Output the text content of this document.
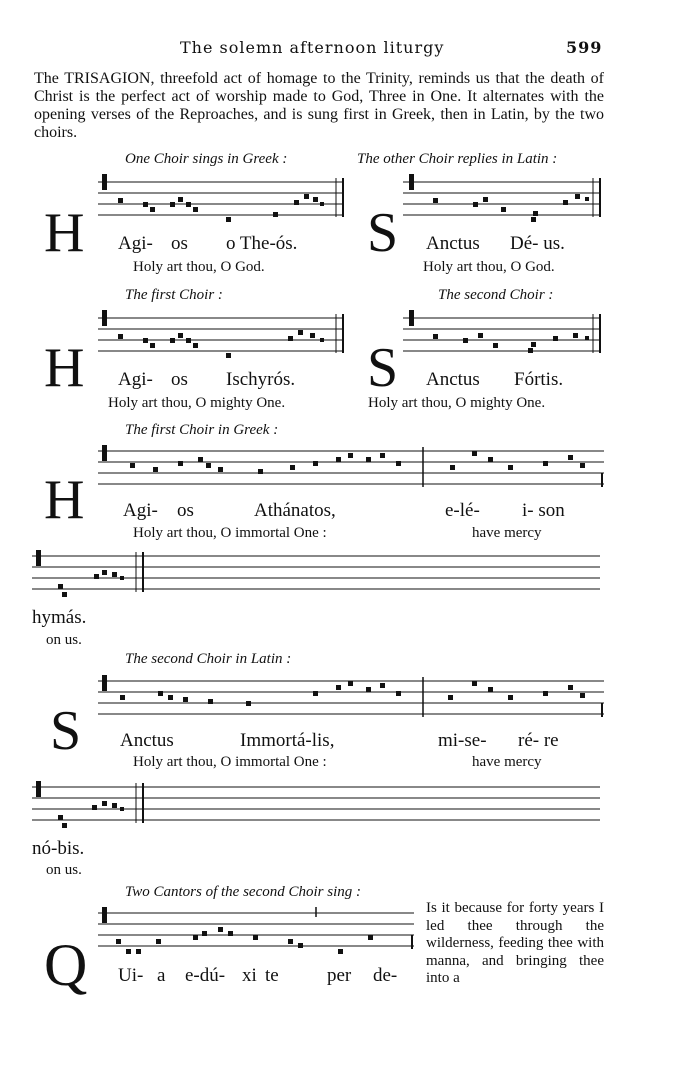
The solemn afternoon liturgy	599
The TRISAGION, threefold act of homage to the Trinity, reminds us that the death of Christ is the perfect act of worship made to God, Three in One. It alternates with the opening verses of the Reproaches, and is sung first in Greek, then in Latin, by the two choirs.
One Choir sings in Greek :	The other Choir replies in Latin :
H Agi- os o The-ós.
Holy art thou, O God.
S Anctus Dé- us.
Holy art thou, O God.
The first Choir :	The second Choir :
H Agi- os Ischyrós.
Holy art thou, O mighty One.
S Anctus Fórtis.
Holy art thou, O mighty One.
The first Choir in Greek :
H Agi- os	Athánatos,	e-lé- i- son
Holy art thou, O immortal One :	have mercy
hymás.
on us.
The second Choir in Latin :
S Anctus	Immortá-lis,	mi-se- ré- re
Holy art thou, O immortal One :	have mercy
nó-bis.
on us.
Two Cantors of the second Choir sing :
Q Ui- a e-dú- xi te	per de-
Is it because for forty years I led thee through the wilderness, feeding thee with manna, and bringing thee into a
